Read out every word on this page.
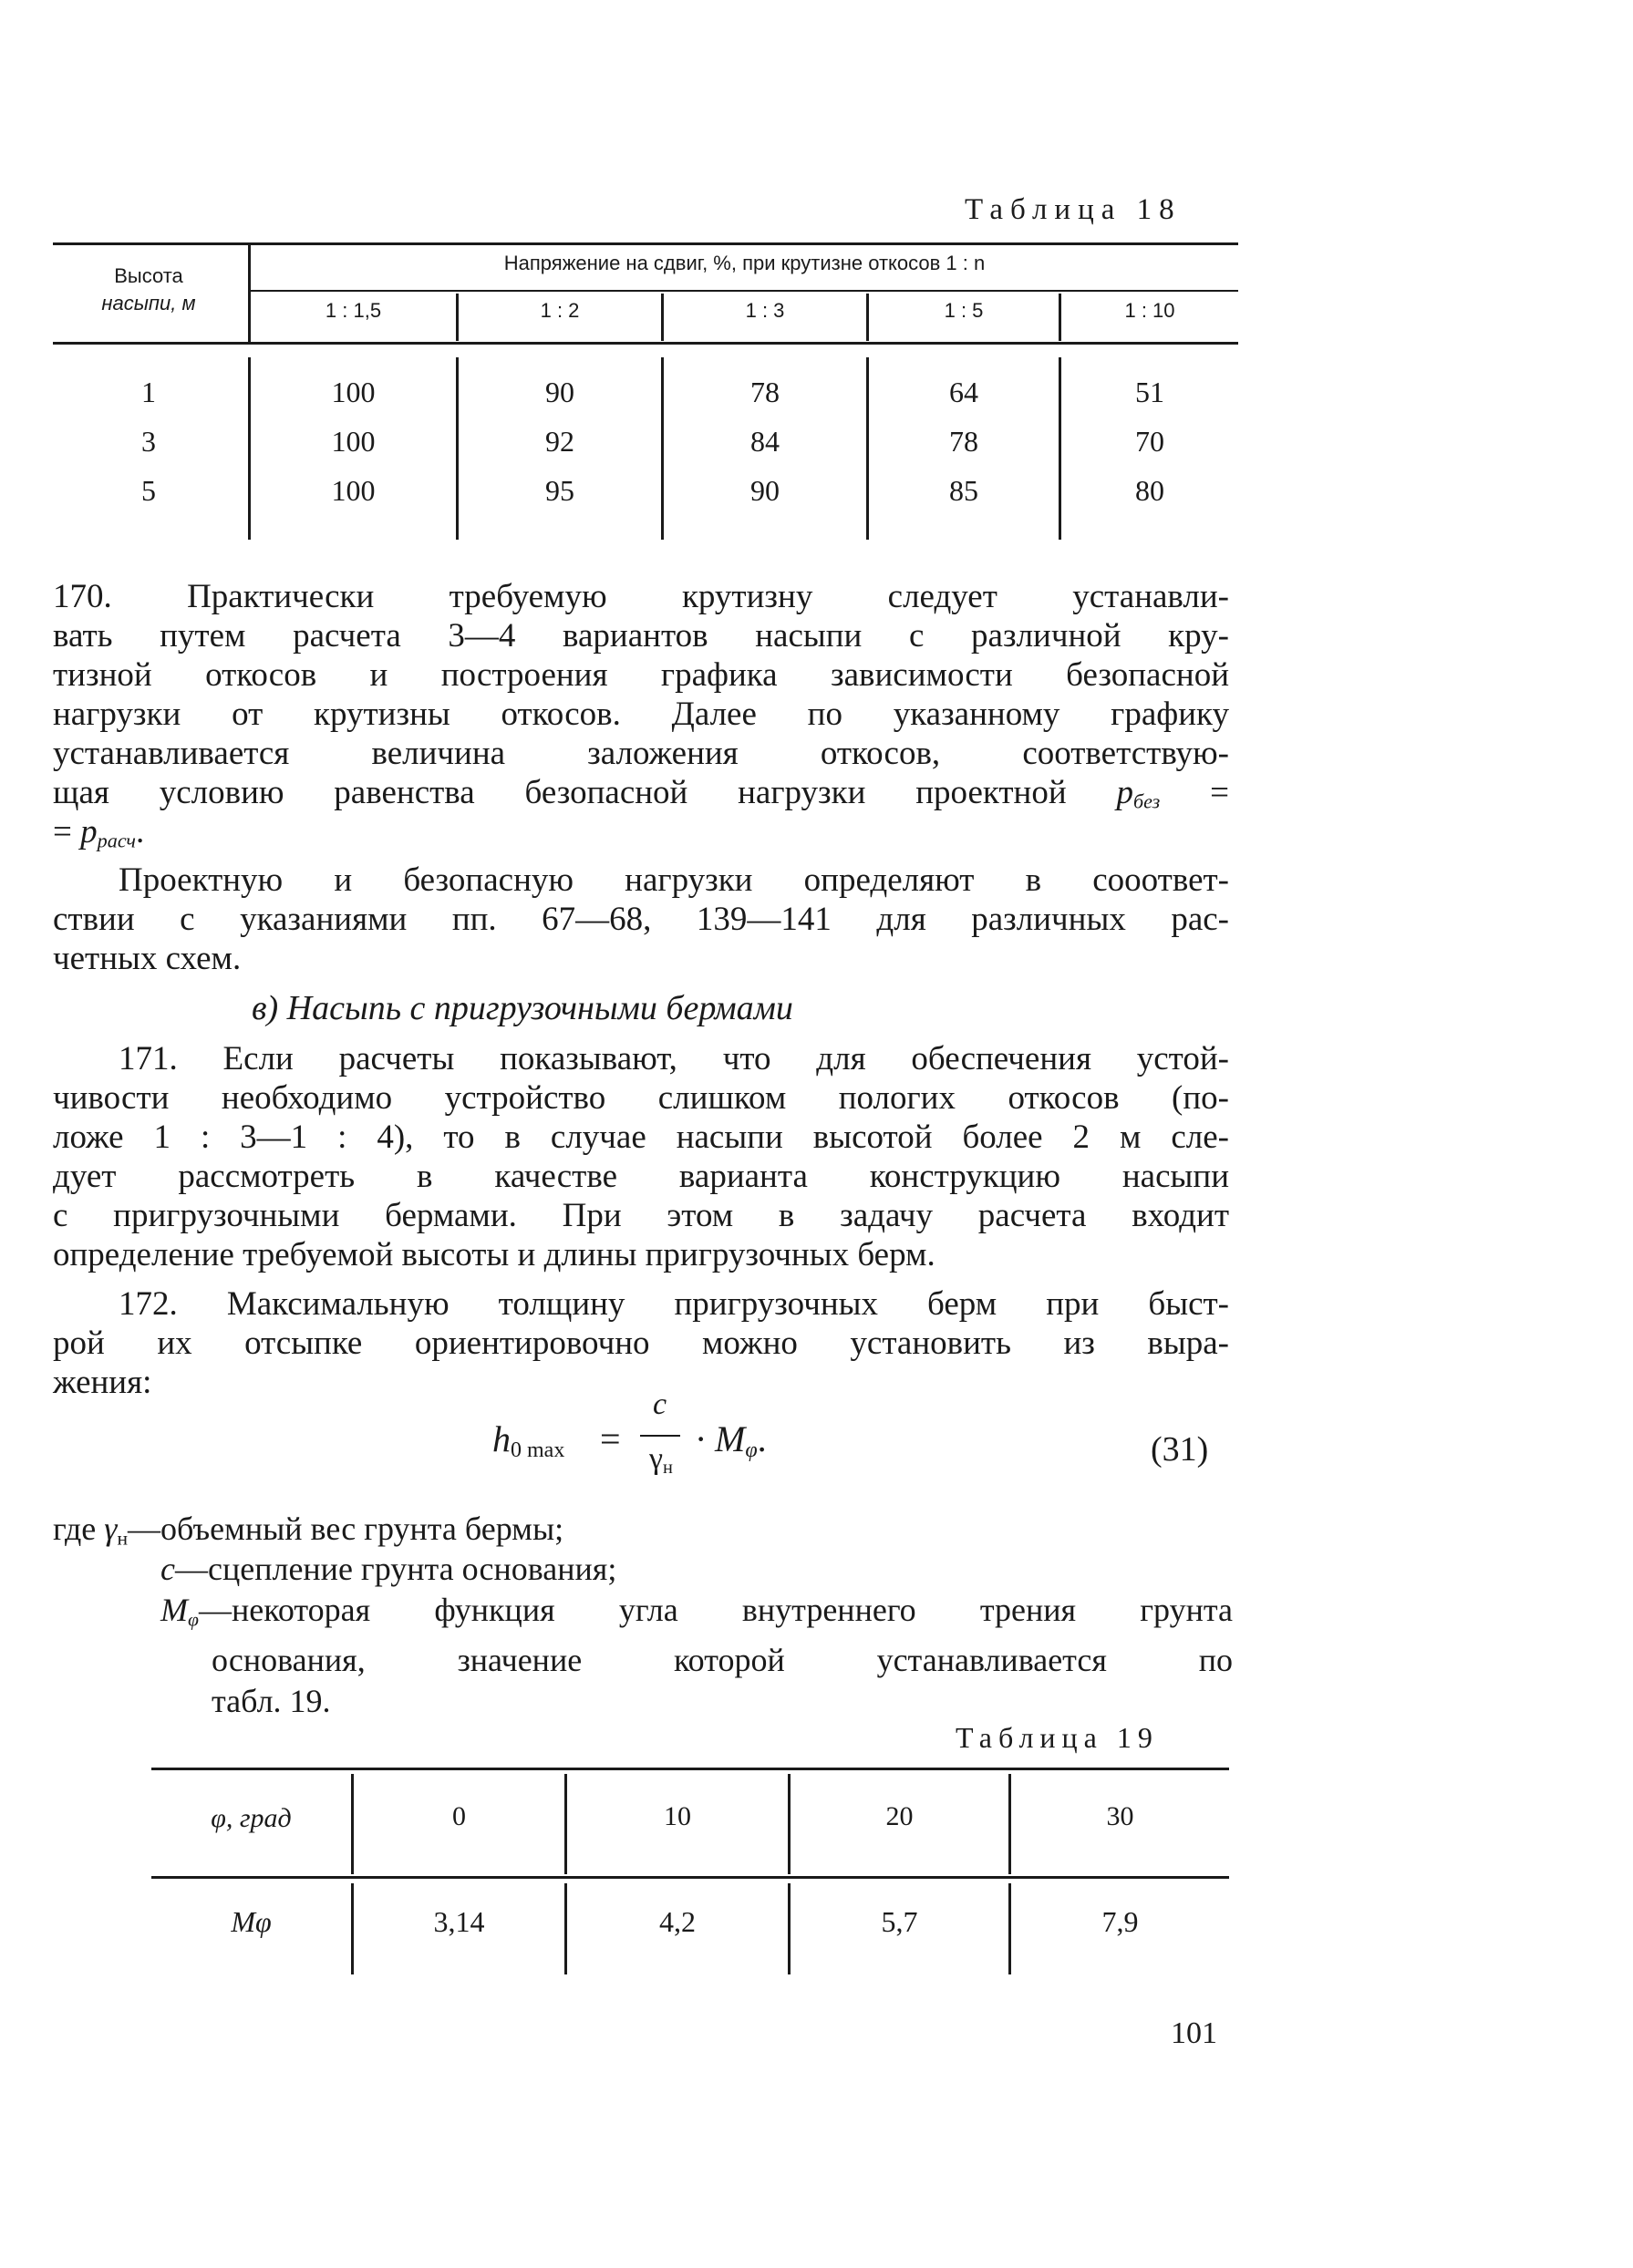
Таблица 18
Высота
насыпи, м
Напряжение на сдвиг, %, при крутизне откосов 1 : n
1 : 1,5	1 : 2	1 : 3	1 : 5	1 : 10
1	100	90	78	64	51
3	100	92	84	78	70
5	100	95	90	85	80
170. Практически требуемую крутизну следует устанавли-
вать путем расчета 3—4 вариантов насыпи с различной кру-
тизной откосов и построения графика зависимости безопасной
нагрузки от крутизны откосов. Далее по указанному графику
устанавливается величина заложения откосов, соответствую-
щая условию равенства безопасной нагрузки проектной $p_{без}$ =
= $p_{расч}$.
Проектную и безопасную нагрузки определяют в сооответ-
ствии с указаниями пп. 67—68, 139—141 для различных рас-
четных схем.
в) Насыпь с пригрузочными бермами
171. Если расчеты показывают, что для обеспечения устой-
чивости необходимо устройство слишком пологих откосов (по-
ложе 1 : 3—1 : 4), то в случае насыпи высотой более 2 м сле-
дует рассмотреть в качестве варианта конструкцию насыпи
с пригрузочными бермами. При этом в задачу расчета входит
определение требуемой высоты и длины пригрузочных берм.
172. Максимальную толщину пригрузочных берм при быст-
рой их отсыпке ориентировочно можно установить из выра-
жения:
$h_{0 max}$ =
c
$\gamma_н$
· $M_\varphi$.	(31)
где $\gamma_н—объемный$ вес грунта бермы;
c—сцепление грунта основания;
$M_\varphi—некоторая$ функция угла внутреннего трения грунта
основания, значение которой устанавливается по
табл. 19.
Таблица 19
φ, град	0	10	20	30
Mφ	3,14	4,2	5,7	7,9
101
